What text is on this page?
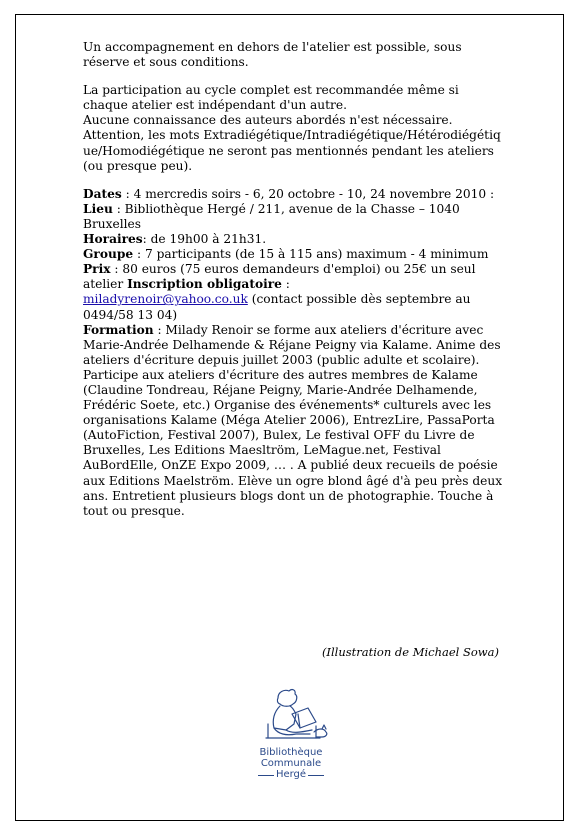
Un accompagnement en dehors de l'atelier est possible, sous réserve et sous conditions.

La participation au cycle complet est recommandée même si chaque atelier est indépendant d'un autre.

Aucune connaissance des auteurs abordés n'est nécessaire.

Attention, les mots Extradiégétique/Intradiégétique/Hétérodiégétique/Homodiégétique ne seront pas mentionnés pendant les ateliers (ou presque peu).

Dates : 4 mercredis soirs - 6, 20 octobre - 10, 24 novembre 2010 :

Lieu : Bibliothèque Hergé / 211, avenue de la Chasse – 1040 Bruxelles

Horaires: de 19h00 à 21h31.

Groupe : 7 participants (de 15 à 115 ans) maximum - 4 minimum

Prix : 80 euros (75 euros demandeurs d'emploi) ou 25€ un seul atelier Inscription obligatoire :
miladyrenoir@yahoo.co.uk (contact possible dès septembre au 0494/58 13 04)

Formation : Milady Renoir se forme aux ateliers d'écriture avec Marie-Andrée Delhamende & Réjane Peigny via Kalame. Anime des ateliers d'écriture depuis juillet 2003 (public adulte et scolaire). Participe aux ateliers d'écriture des autres membres de Kalame (Claudine Tondreau, Réjane Peigny, Marie-Andrée Delhamende, Frédéric Soete, etc.) Organise des événements* culturels avec les organisations Kalame (Méga Atelier 2006), EntrezLire, PassaPorta (AutoFiction, Festival 2007), Bulex, Le festival OFF du Livre de Bruxelles, Les Editions Maesltröm, LeMague.net, Festival AuBordElle, OnZE Expo 2009, … . A publié deux recueils de poésie aux Editions Maelström. Elève un ogre blond âgé d'à peu près deux ans. Entretient plusieurs blogs dont un de photographie. Touche à tout ou presque.

(Illustration de Michael Sowa)
Bibliothèque
Communale
Hergé
